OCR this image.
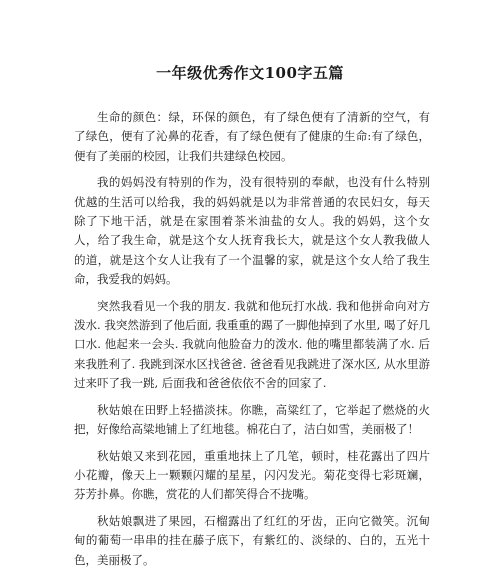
一年级优秀作文100字五篇

生命的颜色：绿，环保的颜色，有了绿色便有了清新的空气，有了绿色，便有了沁鼻的花香，有了绿色便有了健康的生命:有了绿色，便有了美丽的校园，让我们共建绿色校园。

我的妈妈没有特别的作为，没有很特别的奉献，也没有什么特别优越的生活可以给我，我的妈妈就是以为非常普通的农民妇女，每天除了下地干活，就是在家围着茶米油盐的女人。我的妈妈，这个女人，给了我生命，就是这个女人抚育我长大，就是这个女人教我做人的道，就是这个女人让我有了一个温馨的家，就是这个女人给了我生命，我爱我的妈妈。

突然我看见一个我的朋友. 我就和他玩打水战. 我和他拼命向对方泼水. 我突然游到了他后面, 我重重的踢了一脚他掉到了水里, 喝了好几口水. 他起来一会头. 我就向他脸奋力的泼水. 他的嘴里都装满了水. 后来我胜利了. 我跳到深水区找爸爸. 爸爸看见我跳进了深水区, 从水里游过来吓了我一跳, 后面我和爸爸依依不舍的回家了.

秋姑娘在田野上轻描淡抹。你瞧，高粱红了，它举起了燃烧的火把，好像给高粱地铺上了红地毯。棉花白了，洁白如雪，美丽极了！

秋姑娘又来到花园，重重地抹上了几笔，顿时，桂花露出了四片小花瓣，像天上一颗颗闪耀的星星，闪闪发光。菊花变得七彩斑斓，芬芳扑鼻。你瞧，赏花的人们都笑得合不拢嘴。

秋姑娘飘进了果园，石榴露出了红红的牙齿，正向它微笑。沉甸甸的葡萄一串串的挂在藤子底下，有紫红的、淡绿的、白的，五光十色，美丽极了。
